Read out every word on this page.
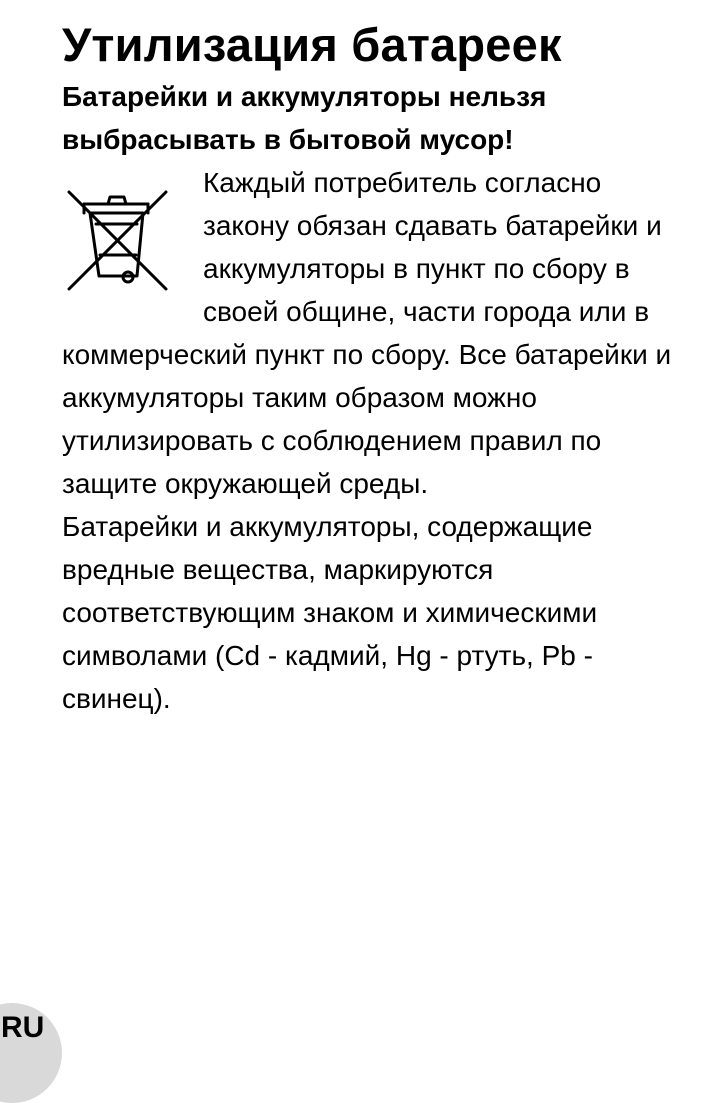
Утилизация батареек
Батарейки и аккумуляторы нельзя выбрасывать в бытовой мусор!

Каждый потребитель согласно закону обязан сдавать батарейки и аккумуляторы в пункт по сбору в своей общине, части города или в коммерческий пункт по сбору. Все батарейки и аккумуляторы таким образом можно утилизировать с соблюдением правил по защите окружающей среды.

Батарейки и аккумуляторы, содержащие вредные вещества, маркируются соответствующим знаком и химическими символами (Cd - кадмий, Hg - ртуть, Pb - свинец).

RU
